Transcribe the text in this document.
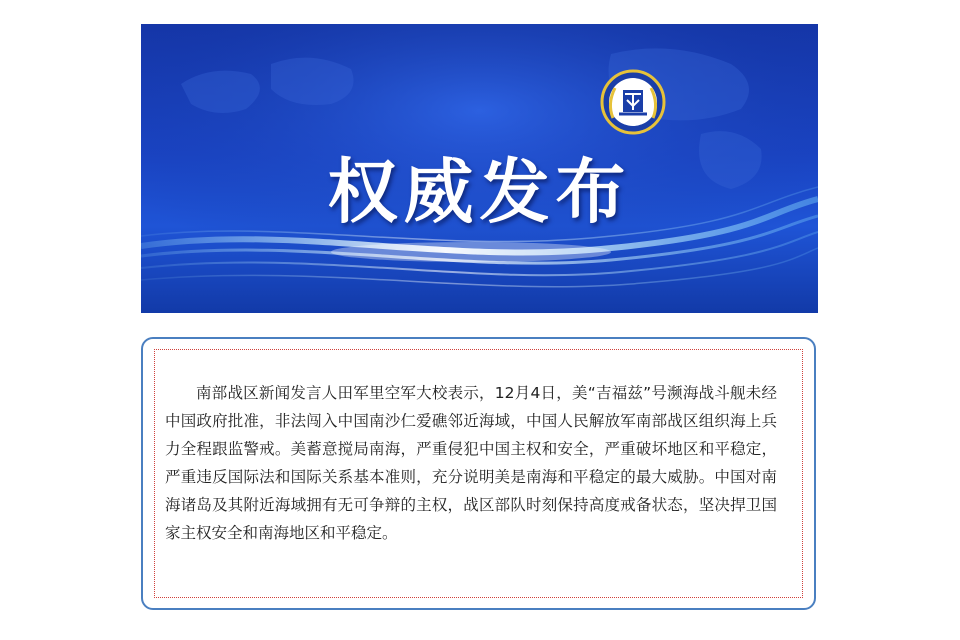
权威发布

南部战区新闻发言人田军里空军大校表示，12月4日，美“吉福兹”号濒海战斗舰未经中国政府批准，非法闯入中国南沙仁爱礁邻近海域，中国人民解放军南部战区组织海上兵力全程跟监警戒。美蓄意搅局南海，严重侵犯中国主权和安全，严重破坏地区和平稳定，严重违反国际法和国际关系基本准则，充分说明美是南海和平稳定的最大威胁。中国对南海诸岛及其附近海域拥有无可争辩的主权，战区部队时刻保持高度戒备状态，坚决捍卫国家主权安全和南海地区和平稳定。
